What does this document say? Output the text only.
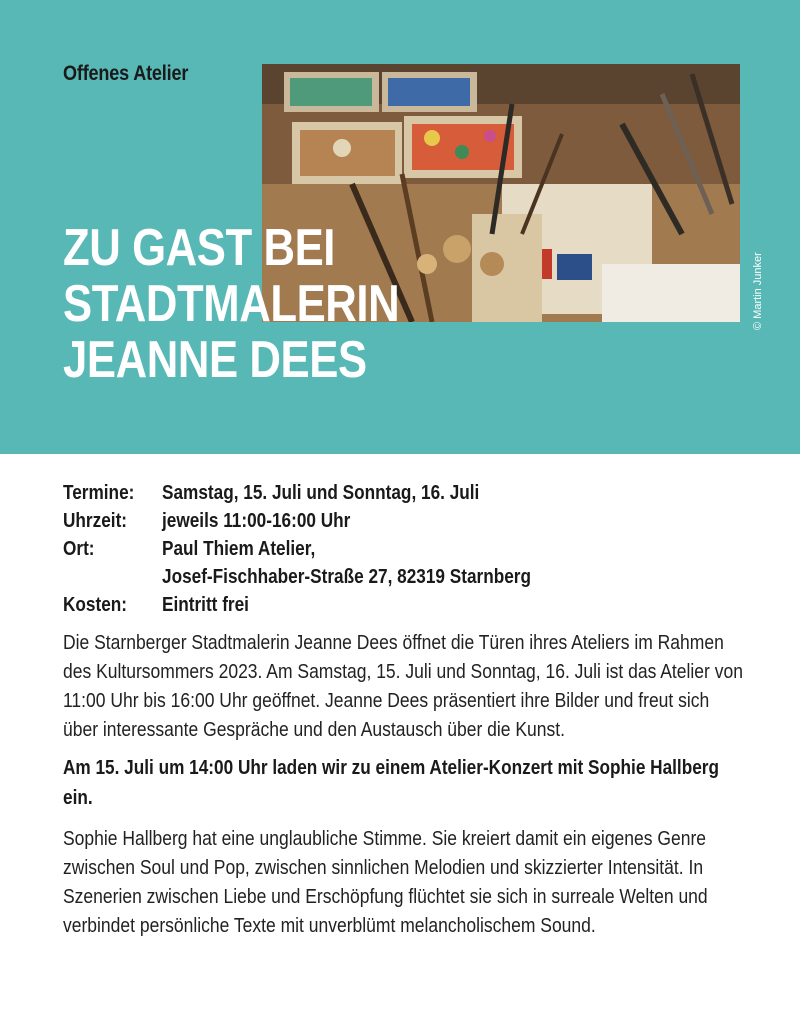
Offenes Atelier

© Martin Junker
ZU GAST BEI
STADTMALERIN
JEANNE DEES
Termine:	Samstag, 15. Juli und Sonntag, 16. Juli
Uhrzeit:	jeweils 11:00-16:00 Uhr
Ort:	Paul Thiem Atelier,
Josef-Fischhaber-Straße 27, 82319 Starnberg
Kosten:	Eintritt frei

Die Starnberger Stadtmalerin Jeanne Dees öffnet die Türen ihres Ateliers im Rahmen des Kultursommers 2023. Am Samstag, 15. Juli und Sonntag, 16. Juli ist das Atelier von 11:00 Uhr bis 16:00 Uhr geöffnet. Jeanne Dees präsentiert ihre Bilder und freut sich über interessante Gespräche und den Austausch über die Kunst.

Am 15. Juli um 14:00 Uhr laden wir zu einem Atelier-Konzert mit Sophie Hallberg ein.

Sophie Hallberg hat eine unglaubliche Stimme. Sie kreiert damit ein eigenes Genre zwischen Soul und Pop, zwischen sinnlichen Melodien und skizzierter Intensität. In Szenerien zwischen Liebe und Erschöpfung flüchtet sie sich in surreale Welten und verbindet persönliche Texte mit unverblümt melancholischem Sound.
